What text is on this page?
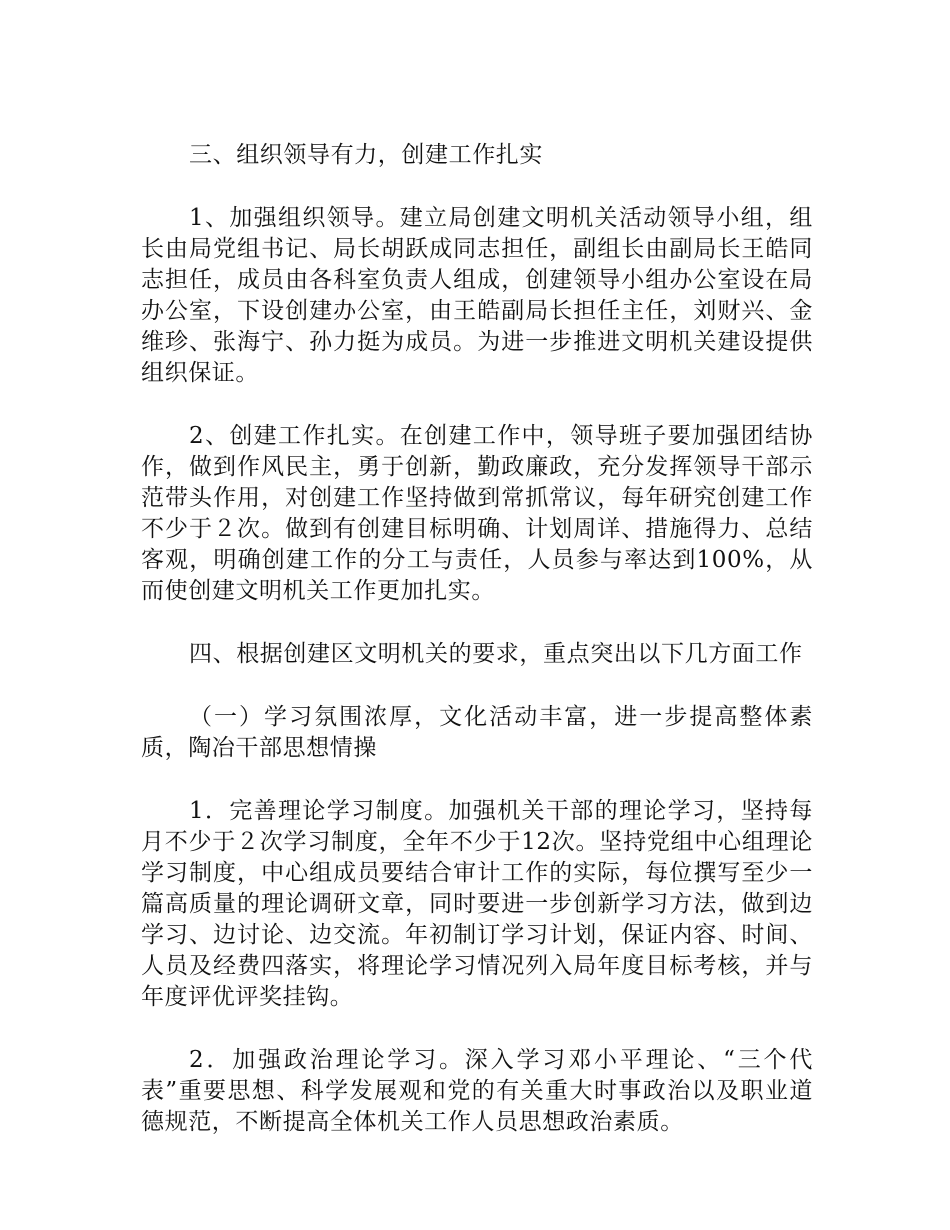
三、组织领导有力，创建工作扎实

1、加强组织领导。建立局创建文明机关活动领导小组，组长由局党组书记、局长胡跃成同志担任，副组长由副局长王皓同志担任，成员由各科室负责人组成，创建领导小组办公室设在局办公室，下设创建办公室，由王皓副局长担任主任，刘财兴、金维珍、张海宁、孙力挺为成员。为进一步推进文明机关建设提供组织保证。

2、创建工作扎实。在创建工作中，领导班子要加强团结协作，做到作风民主，勇于创新，勤政廉政，充分发挥领导干部示范带头作用，对创建工作坚持做到常抓常议，每年研究创建工作不少于２次。做到有创建目标明确、计划周详、措施得力、总结客观，明确创建工作的分工与责任，人员参与率达到100%，从而使创建文明机关工作更加扎实。

四、根据创建区文明机关的要求，重点突出以下几方面工作

（一）学习氛围浓厚，文化活动丰富，进一步提高整体素质，陶冶干部思想情操

1．完善理论学习制度。加强机关干部的理论学习，坚持每月不少于２次学习制度，全年不少于12次。坚持党组中心组理论学习制度，中心组成员要结合审计工作的实际，每位撰写至少一篇高质量的理论调研文章，同时要进一步创新学习方法，做到边学习、边讨论、边交流。年初制订学习计划，保证内容、时间、人员及经费四落实，将理论学习情况列入局年度目标考核，并与年度评优评奖挂钩。

2．加强政治理论学习。深入学习邓小平理论、“三个代表”重要思想、科学发展观和党的有关重大时事政治以及职业道德规范，不断提高全体机关工作人员思想政治素质。
